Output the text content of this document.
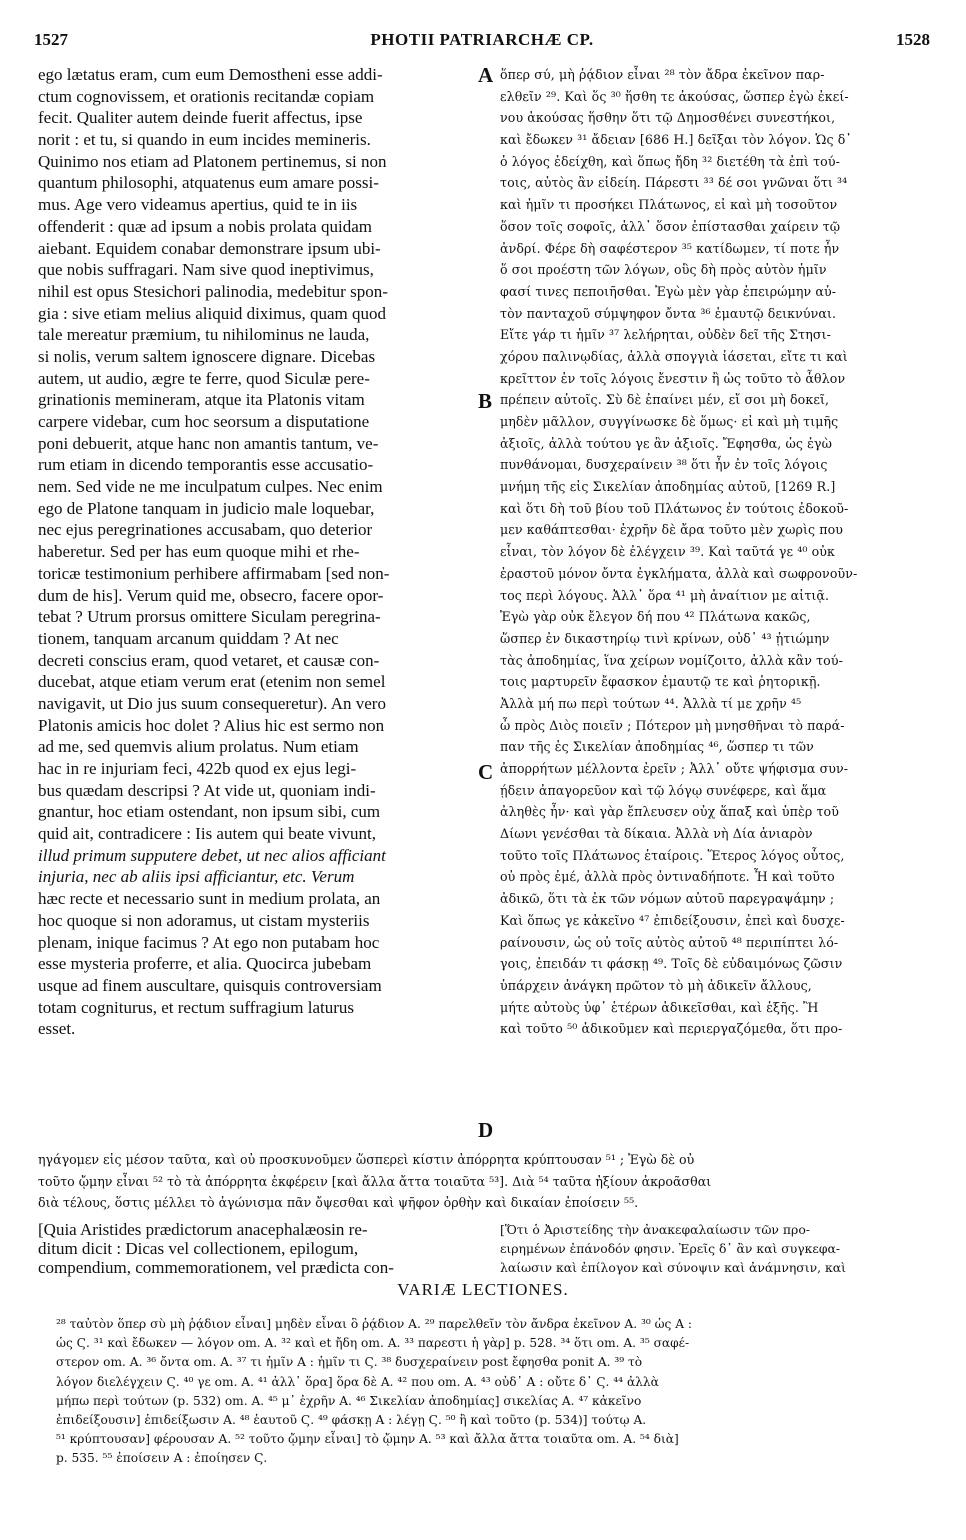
1527	PHOTII PATRIARCHÆ CP.	1528
ego lætatus eram, cum eum Demostheni esse addi-
ctum cognovissem, et orationis recitandæ copiam
fecit. Qualiter autem deinde fuerit affectus, ipse
norit : et tu, si quando in eum incides memineris.
Quinimo nos etiam ad Platonem pertinemus, si non
quantum philosophi, atquatenus eum amare possi-
mus. Age vero videamus apertius, quid te in iis
offenderit : quæ ad ipsum a nobis prolata quidam
aiebant. Equidem conabar demonstrare ipsum ubi-
que nobis suffragari. Nam sive quod ineptivimus,
nihil est opus Stesichori palinodia, medebitur spon-
gia : sive etiam melius aliquid diximus, quam quod
tale mereatur præmium, tu nihilominus ne lauda,
si nolis, verum saltem ignoscere dignare. Dicebas
autem, ut audio, ægre te ferre, quod Siculæ pere-
grinationis memineram, atque ita Platonis vitam
carpere videbar, cum hoc seorsum a disputatione
poni debuerit, atque hanc non amantis tantum, ve-
rum etiam in dicendo temporantis esse accusatio-
nem. Sed vide ne me inculpatum culpes. Nec enim
ego de Platone tanquam in judicio male loquebar,
nec ejus peregrinationes accusabam, quo deterior
haberetur. Sed per has eum quoque mihi et rhe-
toricæ testimonium perhibere affirmabam [sed non-
dum de his]. Verum quid me, obsecro, facere opor-
tebat ? Utrum prorsus omittere Siculam peregrina-
tionem, tanquam arcanum quiddam ? At nec
decreti conscius eram, quod vetaret, et causæ con-
ducebat, atque etiam verum erat (etenim non semel
navigavit, ut Dio jus suum consequeretur). An vero
Platonis amicis hoc dolet ? Alius hic est sermo non
ad me, sed quemvis alium prolatus. Num etiam
hac in re injuriam feci, 422b quod ex ejus legi-
bus quædam descripsi ? At vide ut, quoniam indi-
gnantur, hoc etiam ostendant, non ipsum sibi, cum
quid ait, contradicere : Iis autem qui beate vivunt,
illud primum supputere debet, ut nec alios afficiant
injuria, nec ab aliis ipsi afficiantur, etc. Verum
hæc recte et necessario sunt in medium prolata, an
hoc quoque si non adoramus, ut cistam mysteriis
plenam, inique facimus ? At ego non putabam hoc
esse mysteria proferre, et alia. Quocirca jubebam
usque ad finem auscultare, quisquis controversiam
totam cogniturus, et rectum suffragium laturus
esset.
ὅπερ σύ, μὴ ῥᾴδιον εἶναι ²⁸ τὸν ἄδρα ἐκεῖνον παρ-
ελθεῖν ²⁹. Καὶ ὅς ³⁰ ἥσθη τε ἀκούσας, ὥσπερ ἐγὼ ἐκεί-
νου ἀκούσας ἥσθην ὅτι τῷ Δημοσθένει συνεστήκοι,
καὶ ἔδωκεν ³¹ ἄδειαν [686 H.] δεῖξαι τὸν λόγον. Ὡς δ᾽
ὁ λόγος ἐδείχθη, καὶ ὅπως ἤδη ³² διετέθη τὰ ἐπὶ τού-
τοις, αὐτὸς ἂν εἰδείη. Πάρεστι ³³ δέ σοι γνῶναι ὅτι ³⁴
καὶ ἡμῖν τι προσήκει Πλάτωνος, εἰ καὶ μὴ τοσοῦτον
ὅσον τοῖς σοφοῖς, ἀλλ᾽ ὅσον ἐπίστασθαι χαίρειν τῷ
ἀνδρί. Φέρε δὴ σαφέστερον ³⁵ κατίδωμεν, τί ποτε ἦν
ὅ σοι προέστη τῶν λόγων, οὓς δὴ πρὸς αὐτὸν ἡμῖν
φασί τινες πεποιῆσθαι. Ἐγὼ μὲν γὰρ ἐπειρώμην αὐ-
τὸν πανταχοῦ σύμψηφον ὄντα ³⁶ ἐμαυτῷ δεικνύναι.
Εἴτε γάρ τι ἡμῖν ³⁷ λελήρηται, οὐδὲν δεῖ τῆς Στησι-
χόρου παλινῳδίας, ἀλλὰ σπογγιὰ ἰάσεται, εἴτε τι καὶ
κρεῖττον ἐν τοῖς λόγοις ἔνεστιν ἢ ὡς τοῦτο τὸ ἆθλον
πρέπειν αὐτοῖς. Σὺ δὲ ἐπαίνει μέν, εἴ σοι μὴ δοκεῖ,
μηδὲν μᾶλλον, συγγίνωσκε δὲ ὅμως· εἰ καὶ μὴ τιμῆς
ἀξιοῖς, ἀλλὰ τούτου γε ἂν ἀξιοῖς. Ἔφησθα, ὡς ἐγὼ
πυνθάνομαι, δυσχεραίνειν ³⁸ ὅτι ἦν ἐν τοῖς λόγοις
μνήμη τῆς εἰς Σικελίαν ἀποδημίας αὐτοῦ, [1269 R.]
καὶ ὅτι δὴ τοῦ βίου τοῦ Πλάτωνος ἐν τούτοις ἐδοκοῦ-
μεν καθάπτεσθαι· ἐχρῆν δὲ ἄρα τοῦτο μὲν χωρὶς που
εἶναι, τὸν λόγον δὲ ἐλέγχειν ³⁹. Καὶ ταῦτά γε ⁴⁰ οὐκ
ἐραστοῦ μόνον ὄντα ἐγκλήματα, ἀλλὰ καὶ σωφρονοῦν-
τος περὶ λόγους. Ἀλλ᾽ ὅρα ⁴¹ μὴ ἀναίτιον με αἰτιᾷ.
Ἐγὼ γὰρ οὐκ ἔλεγον δή που ⁴² Πλάτωνα κακῶς,
ὥσπερ ἐν δικαστηρίῳ τινὶ κρίνων, οὐδ᾽ ⁴³ ᾐτιώμην
τὰς ἀποδημίας, ἵνα χείρων νομίζοιτο, ἀλλὰ κἂν τού-
τοις μαρτυρεῖν ἔφασκον ἐμαυτῷ τε καὶ ῥητορικῇ.
Ἀλλὰ μή πω περὶ τούτων ⁴⁴. Ἀλλὰ τί με χρῆν ⁴⁵
ὦ πρὸς Διὸς ποιεῖν ; Πότερον μὴ μνησθῆναι τὸ παρά-
παν τῆς ἐς Σικελίαν ἀποδημίας ⁴⁶, ὥσπερ τι τῶν
ἀπορρήτων μέλλοντα ἐρεῖν ; Ἀλλ᾽ οὔτε ψήφισμα συν-
ῄδειν ἀπαγορεῦον καὶ τῷ λόγῳ συνέφερε, καὶ ἅμα
ἀληθὲς ἦν· καὶ γὰρ ἔπλευσεν οὐχ ἅπαξ καὶ ὑπὲρ τοῦ
Δίωνι γενέσθαι τὰ δίκαια. Ἀλλὰ νὴ Δία ἀνιαρὸν
τοῦτο τοῖς Πλάτωνος ἑταίροις. Ἕτερος λόγος οὗτος,
οὐ πρὸς ἐμέ, ἀλλὰ πρὸς ὀντιναδήποτε. Ἦ καὶ τοῦτο
ἀδικῶ, ὅτι τὰ ἐκ τῶν νόμων αὐτοῦ παρεγραψάμην ;
Καὶ ὅπως γε κἀκεῖνο ⁴⁷ ἐπιδείξουσιν, ἐπεὶ καὶ δυσχε-
ραίνουσιν, ὡς οὐ τοῖς αὐτὸς αὐτοῦ ⁴⁸ περιπίπτει λό-
γοις, ἐπειδάν τι φάσκῃ ⁴⁹. Τοῖς δὲ εὐδαιμόνως ζῶσιν
ὑπάρχειν ἀνάγκη πρῶτον τὸ μὴ ἀδικεῖν ἄλλους,
μήτε αὐτοὺς ὑφ᾽ ἑτέρων ἀδικεῖσθαι, καὶ ἑξῆς. Ἢ
καὶ τοῦτο ⁵⁰ ἀδικοῦμεν καὶ περιεργαζόμεθα, ὅτι προ-
A
B
C
D
ηγάγομεν εἰς μέσον ταῦτα, καὶ οὐ προσκυνοῦμεν ὥσπερεὶ κίστιν ἀπόρρητα κρύπτουσαν ⁵¹ ; Ἐγὼ δὲ οὐ
τοῦτο ᾤμην εἶναι ⁵² τὸ τὰ ἀπόρρητα ἐκφέρειν [καὶ ἄλλα ἄττα τοιαῦτα ⁵³]. Διὰ ⁵⁴ ταῦτα ἠξίουν ἀκροᾶσθαι
διὰ τέλους, ὅστις μέλλει τὸ ἀγώνισμα πᾶν ὄψεσθαι καὶ ψῆφον ὀρθὴν καὶ δικαίαν ἐποίσειν ⁵⁵.
[Quia Aristides prædictorum anacephalæosin re-
ditum dicit : Dicas vel collectionem, epilogum,
compendium, commemorationem, vel prædicta con-
[Ὅτι ὁ Ἀριστείδης τὴν ἀνακεφαλαίωσιν τῶν προ-
ειρημένων ἐπάνοδόν φησιν. Ἐρεῖς δ᾽ ἂν καὶ συγκεφα-
λαίωσιν καὶ ἐπίλογον καὶ σύνοψιν καὶ ἀνάμνησιν, καὶ
VARIÆ LECTIONES.
²⁸ ταὐτὸν ὅπερ σὺ μὴ ῥᾴδιον εἶναι] μηδὲν εἶναι ὃ ῥᾴδιον A. ²⁹ παρελθεῖν τὸν ἄνδρα ἐκεῖνον A. ³⁰ ὡς A :
ὡς Ϛ. ³¹ καὶ ἔδωκεν — λόγον om. A. ³² καὶ et ἤδη om. A. ³³ παρεστι ἡ γὰρ] p. 528. ³⁴ ὅτι om. A. ³⁵ σαφέ-
στερον om. A. ³⁶ ὄντα om. A. ³⁷ τι ἡμῖν A : ἡμῖν τι Ϛ. ³⁸ δυσχεραίνειν post ἔφησθα ponit A. ³⁹ τὸ
λόγον διελέγχειν Ϛ. ⁴⁰ γε om. A. ⁴¹ ἀλλ᾽ ὅρα] ὅρα δὲ A. ⁴² που om. A. ⁴³ οὐδ᾽ A : οὔτε δ᾽ Ϛ. ⁴⁴ ἀλλὰ
μήπω περὶ τούτων (p. 532) om. A. ⁴⁵ μ᾽ ἐχρῆν A. ⁴⁶ Σικελίαν ἀποδημίας] σικελίας A. ⁴⁷ κἀκεῖνο
ἐπιδείξουσιν] ἐπιδείξωσιν A. ⁴⁸ ἑαυτοῦ Ϛ. ⁴⁹ φάσκῃ A : λέγῃ Ϛ. ⁵⁰ ἢ καὶ τοῦτο (p. 534)] τούτῳ A.
⁵¹ κρύπτουσαν] φέρουσαν A. ⁵² τοῦτο ᾤμην εἶναι] τὸ ᾤμην A. ⁵³ καὶ ἄλλα ἄττα τοιαῦτα om. A. ⁵⁴ διὰ]
p. 535. ⁵⁵ ἐποίσειν A : ἐποίησεν Ϛ.
